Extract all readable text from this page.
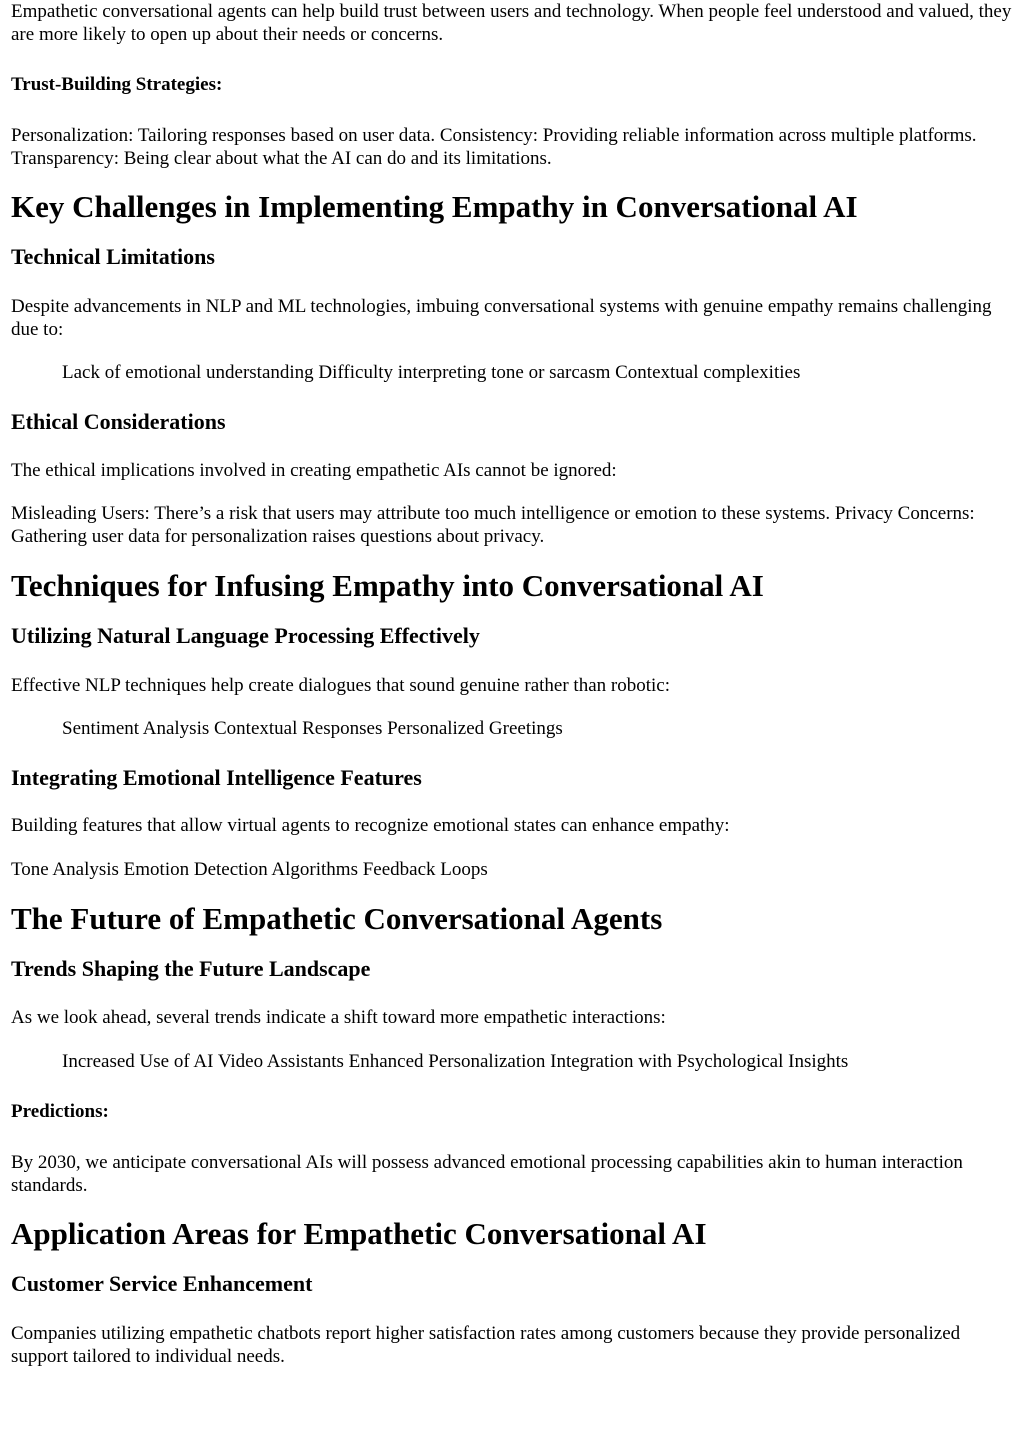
Empathetic conversational agents can help build trust between users and technology. When people feel understood and valued, they are more likely to open up about their needs or concerns.

Trust-Building Strategies:

Personalization: Tailoring responses based on user data. Consistency: Providing reliable information across multiple platforms. Transparency: Being clear about what the AI can do and its limitations.

Key Challenges in Implementing Empathy in Conversational AI
Technical Limitations

Despite advancements in NLP and ML technologies, imbuing conversational systems with genuine empathy remains challenging due to:

Lack of emotional understanding Difficulty interpreting tone or sarcasm Contextual complexities

Ethical Considerations

The ethical implications involved in creating empathetic AIs cannot be ignored:

Misleading Users: There’s a risk that users may attribute too much intelligence or emotion to these systems. Privacy Concerns: Gathering user data for personalization raises questions about privacy.

Techniques for Infusing Empathy into Conversational AI
Utilizing Natural Language Processing Effectively

Effective NLP techniques help create dialogues that sound genuine rather than robotic:

Sentiment Analysis Contextual Responses Personalized Greetings

Integrating Emotional Intelligence Features

Building features that allow virtual agents to recognize emotional states can enhance empathy:

Tone Analysis Emotion Detection Algorithms Feedback Loops

The Future of Empathetic Conversational Agents
Trends Shaping the Future Landscape

As we look ahead, several trends indicate a shift toward more empathetic interactions:

Increased Use of AI Video Assistants Enhanced Personalization Integration with Psychological Insights

Predictions:

By 2030, we anticipate conversational AIs will possess advanced emotional processing capabilities akin to human interaction standards.

Application Areas for Empathetic Conversational AI
Customer Service Enhancement

Companies utilizing empathetic chatbots report higher satisfaction rates among customers because they provide personalized support tailored to individual needs.
